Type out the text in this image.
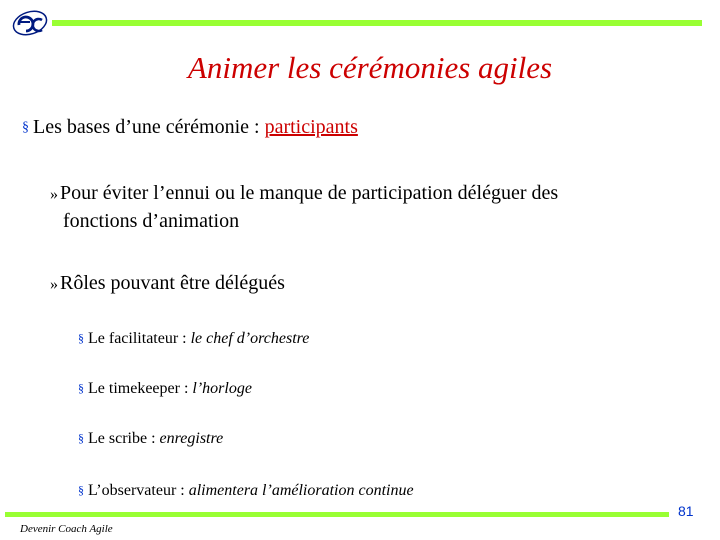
Animer les cérémonies agiles
§ Les bases d’une cérémonie : participants
» Pour éviter l’ennui ou le manque de participation déléguer des
fonctions d’animation
» Rôles pouvant être délégués
§ Le facilitateur : le chef d’orchestre
§ Le timekeeper : l’horloge
§ Le scribe : enregistre
§ L’observateur : alimentera l’amélioration continue
81
Devenir Coach Agile
